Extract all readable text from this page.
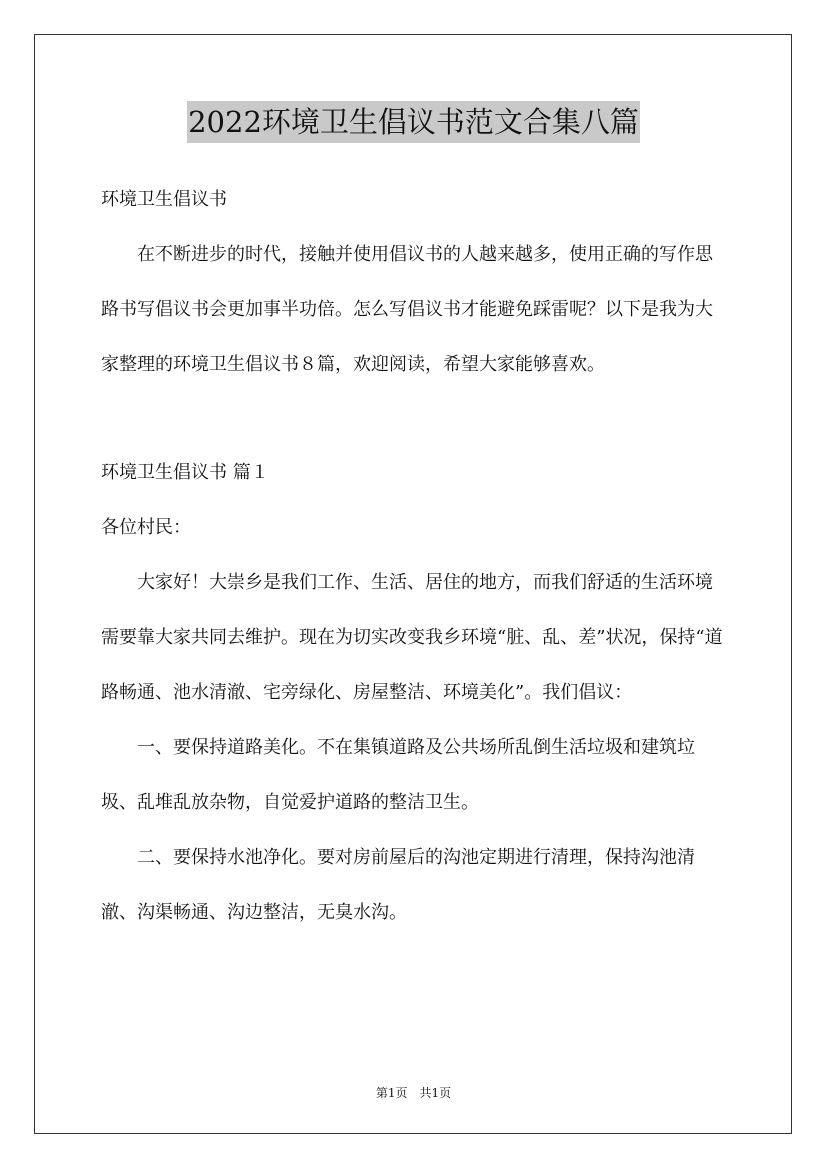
2022环境卫生倡议书范文合集八篇

环境卫生倡议书

在不断进步的时代，接触并使用倡议书的人越来越多，使用正确的写作思路书写倡议书会更加事半功倍。怎么写倡议书才能避免踩雷呢？以下是我为大家整理的环境卫生倡议书８篇，欢迎阅读，希望大家能够喜欢。

环境卫生倡议书 篇１

各位村民：

大家好！大崇乡是我们工作、生活、居住的地方，而我们舒适的生活环境需要靠大家共同去维护。现在为切实改变我乡环境“脏、乱、差”状况，保持“道路畅通、池水清澈、宅旁绿化、房屋整洁、环境美化”。我们倡议：

一、要保持道路美化。不在集镇道路及公共场所乱倒生活垃圾和建筑垃圾、乱堆乱放杂物，自觉爱护道路的整洁卫生。

二、要保持水池净化。要对房前屋后的沟池定期进行清理，保持沟池清澈、沟渠畅通、沟边整洁，无臭水沟。

第1页　共1页
